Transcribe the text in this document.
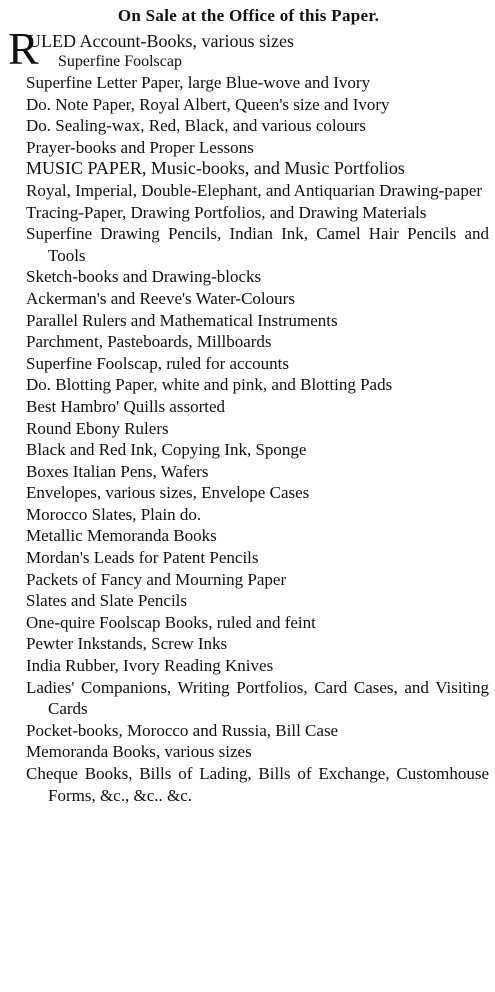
On Sale at the Office of this Paper.
R
ULED Account-Books, various sizes
Superfine Foolscap
Superfine Letter Paper, large Blue-wove and Ivory
Do. Note Paper, Royal Albert, Queen's size and Ivory
Do. Sealing-wax, Red, Black, and various colours
Prayer-books and Proper Lessons
MUSIC PAPER, Music-books, and Music Portfolios
Royal, Imperial, Double-Elephant, and Antiquarian Drawing-paper
Tracing-Paper, Drawing Portfolios, and Drawing Materials
Superfine Drawing Pencils, Indian Ink, Camel Hair Pencils and Tools
Sketch-books and Drawing-blocks
Ackerman's and Reeve's Water-Colours
Parallel Rulers and Mathematical Instruments
Parchment, Pasteboards, Millboards
Superfine Foolscap, ruled for accounts
Do. Blotting Paper, white and pink, and Blotting Pads
Best Hambro' Quills assorted
Round Ebony Rulers
Black and Red Ink, Copying Ink, Sponge
Boxes Italian Pens, Wafers
Envelopes, various sizes, Envelope Cases
Morocco Slates, Plain do.
Metallic Memoranda Books
Mordan's Leads for Patent Pencils
Packets of Fancy and Mourning Paper
Slates and Slate Pencils
One-quire Foolscap Books, ruled and feint
Pewter Inkstands, Screw Inks
India Rubber, Ivory Reading Knives
Ladies' Companions, Writing Portfolios, Card Cases, and Visiting Cards
Pocket-books, Morocco and Russia, Bill Case
Memoranda Books, various sizes
Cheque Books, Bills of Lading, Bills of Exchange, Customhouse Forms, &c., &c.. &c.
